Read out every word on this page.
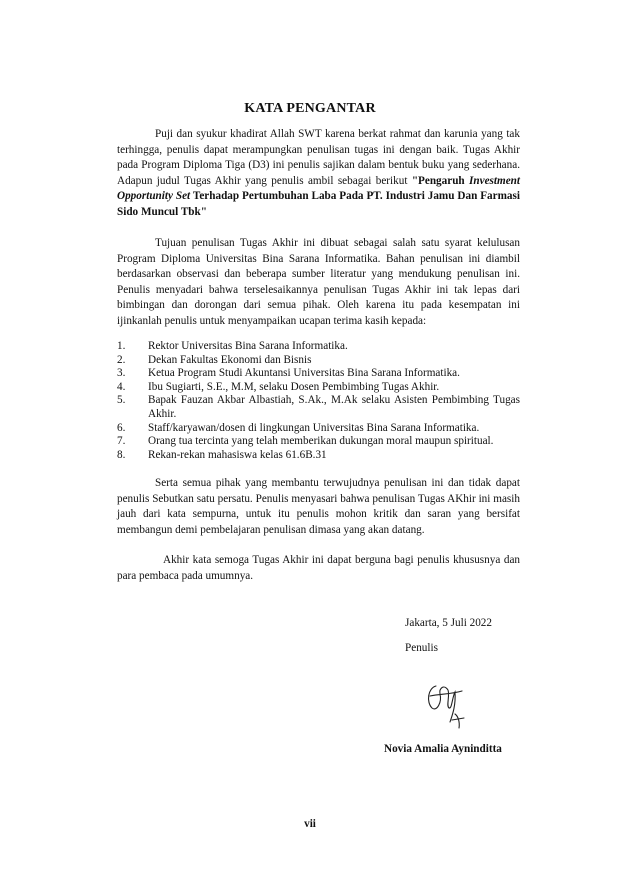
KATA PENGANTAR

Puji dan syukur khadirat Allah SWT karena berkat rahmat dan karunia yang tak terhingga, penulis dapat merampungkan penulisan tugas ini dengan baik. Tugas Akhir pada Program Diploma Tiga (D3) ini penulis sajikan dalam bentuk buku yang sederhana. Adapun judul Tugas Akhir yang penulis ambil sebagai berikut "Pengaruh Investment Opportunity Set Terhadap Pertumbuhan Laba Pada PT. Industri Jamu Dan Farmasi Sido Muncul Tbk"

Tujuan penulisan Tugas Akhir ini dibuat sebagai salah satu syarat kelulusan Program Diploma Universitas Bina Sarana Informatika. Bahan penulisan ini diambil berdasarkan observasi dan beberapa sumber literatur yang mendukung penulisan ini. Penulis menyadari bahwa terselesaikannya penulisan Tugas Akhir ini tak lepas dari bimbingan dan dorongan dari semua pihak. Oleh karena itu pada kesempatan ini ijinkanlah penulis untuk menyampaikan ucapan terima kasih kepada:

1. Rektor Universitas Bina Sarana Informatika.
2. Dekan Fakultas Ekonomi dan Bisnis
3. Ketua Program Studi Akuntansi Universitas Bina Sarana Informatika.
4. Ibu Sugiarti, S.E., M.M, selaku Dosen Pembimbing Tugas Akhir.
5. Bapak Fauzan Akbar Albastiah, S.Ak., M.Ak selaku Asisten Pembimbing Tugas Akhir.
6. Staff/karyawan/dosen di lingkungan Universitas Bina Sarana Informatika.
7. Orang tua tercinta yang telah memberikan dukungan moral maupun spiritual.
8. Rekan-rekan mahasiswa kelas 61.6B.31

Serta semua pihak yang membantu terwujudnya penulisan ini dan tidak dapat penulis Sebutkan satu persatu. Penulis menyasari bahwa penulisan Tugas AKhir ini masih jauh dari kata sempurna, untuk itu penulis mohon kritik dan saran yang bersifat membangun demi pembelajaran penulisan dimasa yang akan datang.

Akhir kata semoga Tugas Akhir ini dapat berguna bagi penulis khususnya dan para pembaca pada umumnya.

Jakarta, 5 Juli 2022
Penulis
Novia Amalia Ayninditta
vii
